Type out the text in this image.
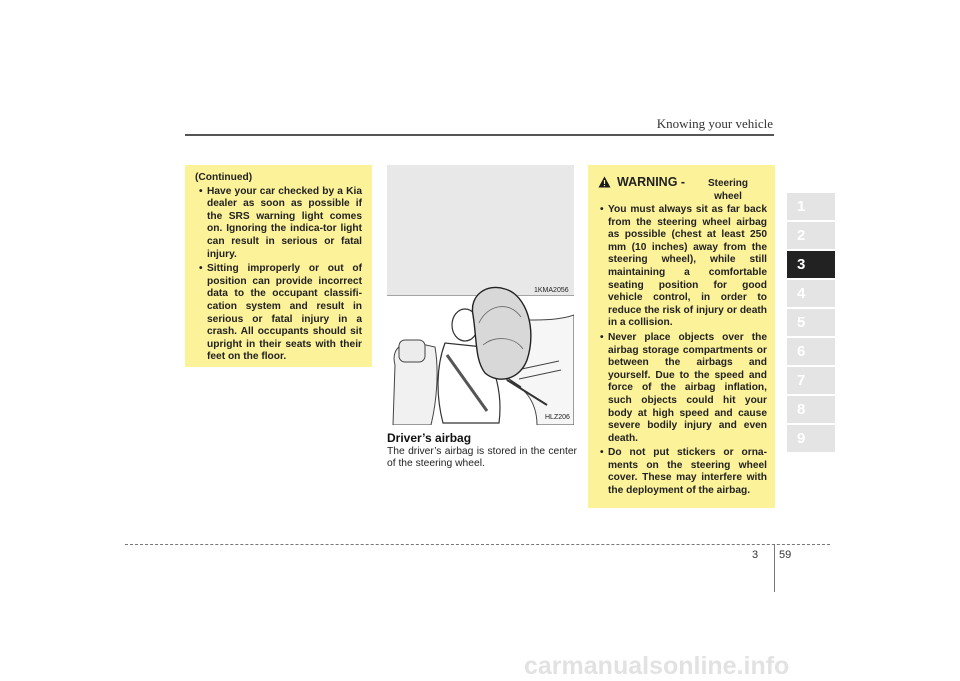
Knowing your vehicle

(Continued)

• Have your car checked by a Kia dealer as soon as possible if the SRS warning light comes on. Ignoring the indica-tor light can result in serious or fatal injury.
• Sitting improperly or out of position can provide incorrect data to the occupant classifi-cation system and result in serious or fatal injury in a crash. All occupants should sit upright in their seats with their feet on the floor.
1KMA2056
HLZ206
Driver’s airbag
The driver’s airbag is stored in the center of the steering wheel.
WARNING -	Steering wheel
• You must always sit as far back from the steering wheel airbag as possible (chest at least 250 mm (10 inches) away from the steering wheel), while still maintaining a comfortable seating position for good vehicle control, in order to reduce the risk of injury or death in a collision.
• Never place objects over the airbag storage compartments or between the airbags and yourself. Due to the speed and force of the airbag inflation, such objects could hit your body at high speed and cause severe bodily injury and even death.
• Do not put stickers or orna-ments on the steering wheel cover. These may interfere with the deployment of the airbag.
1
2
3
4
5
6
7
8
9
3 59
carmanualsonline.info
